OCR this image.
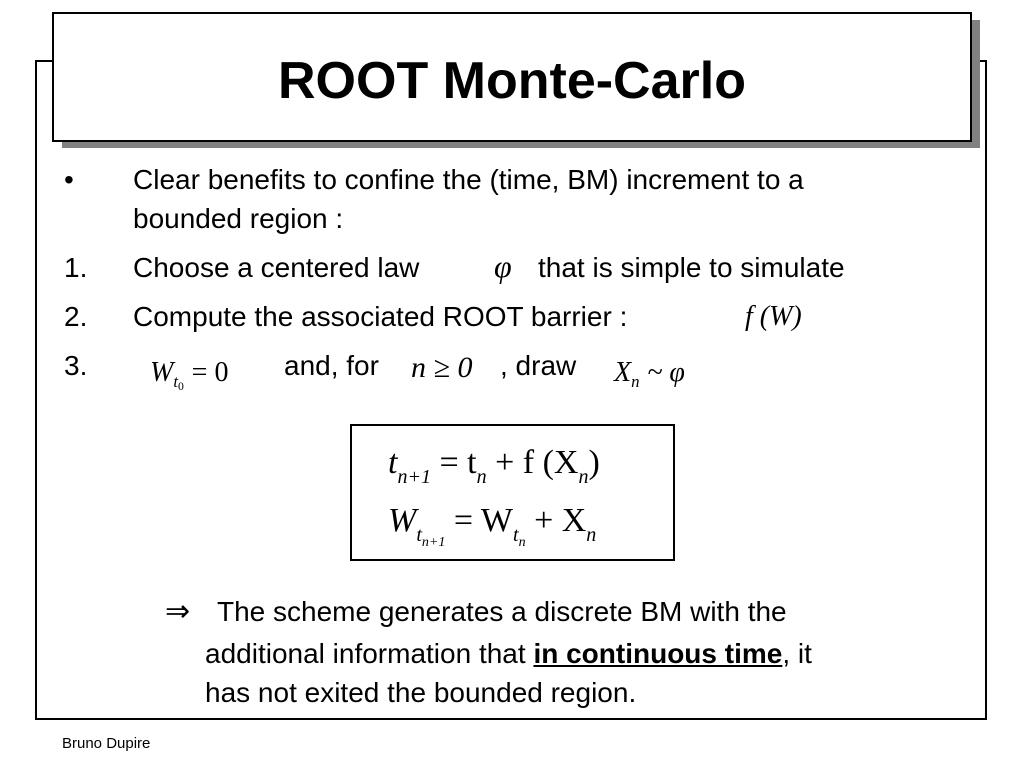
ROOT Monte-Carlo
• Clear benefits to confine the (time, BM) increment to a
bounded region :
1. Choose a centered law φ that is simple to simulate
2. Compute the associated ROOT barrier :	f (W)
3. $W_{t0} = 0$ and, for n ≥ 0 , draw $X_n$ ~ φ
$t_{n+1} = t_n + f$ $(X_n)$
$W_{t_{n+1}} = W_{t_n} + X_n$
⇒ The scheme generates a discrete BM with the
additional information that in continuous time, it
has not exited the bounded region.
Bruno Dupire
